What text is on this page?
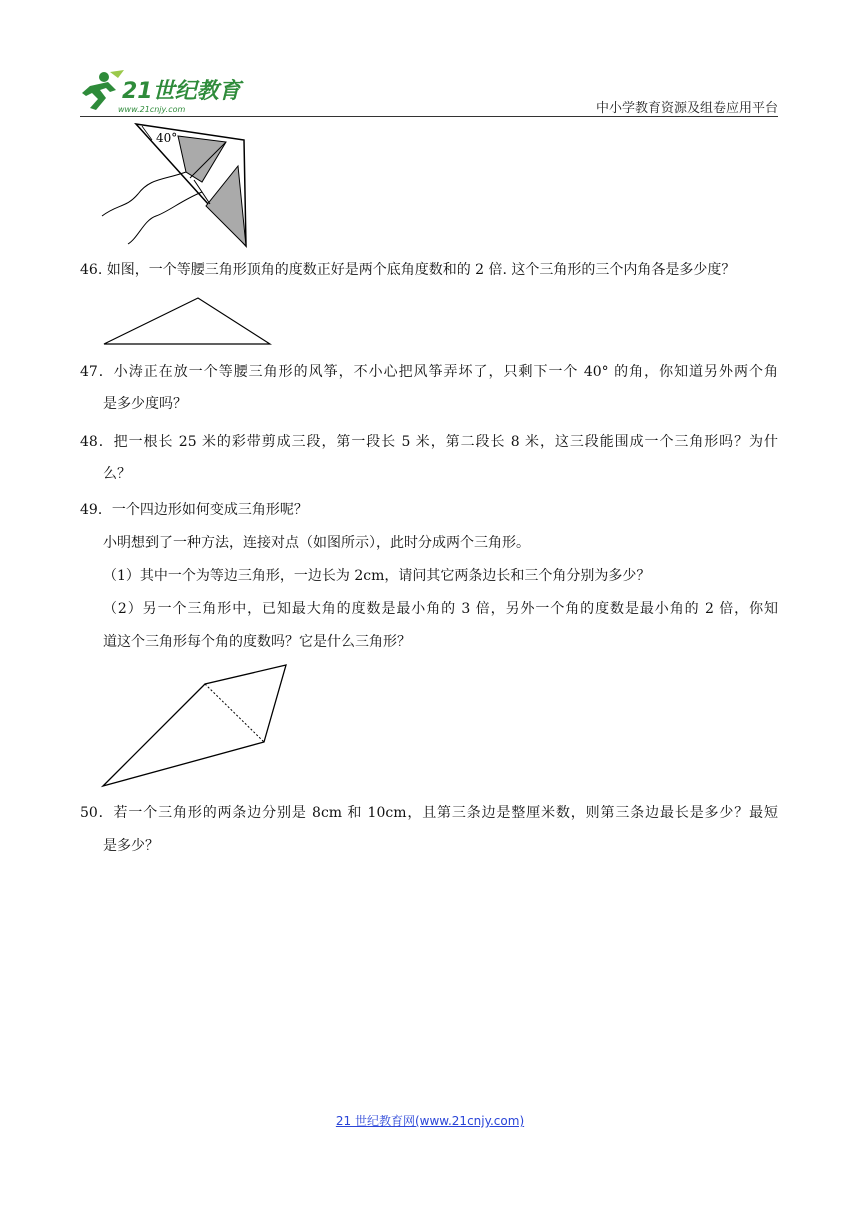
21世纪教育
www.21cnjy.com	中小学教育资源及组卷应用平台
40°
46. 如图，一个等腰三角形顶角的度数正好是两个底角度数和的 2 倍. 这个三角形的三个内角各是多少度？
47．小涛正在放一个等腰三角形的风筝，不小心把风筝弄坏了，只剩下一个 40° 的角，你知道另外两个角
是多少度吗？
48．把一根长 25 米的彩带剪成三段，第一段长 5 米，第二段长 8 米，这三段能围成一个三角形吗？为什
么？
49．一个四边形如何变成三角形呢？
小明想到了一种方法，连接对点（如图所示），此时分成两个三角形。
（1）其中一个为等边三角形，一边长为 2cm，请问其它两条边长和三个角分别为多少？
（2）另一个三角形中，已知最大角的度数是最小角的 3 倍，另外一个角的度数是最小角的 2 倍，你知
道这个三角形每个角的度数吗？它是什么三角形？
50．若一个三角形的两条边分别是 8cm 和 10cm，且第三条边是整厘米数，则第三条边最长是多少？最短
是多少？
21 世纪教育网(www.21cnjy.com)
